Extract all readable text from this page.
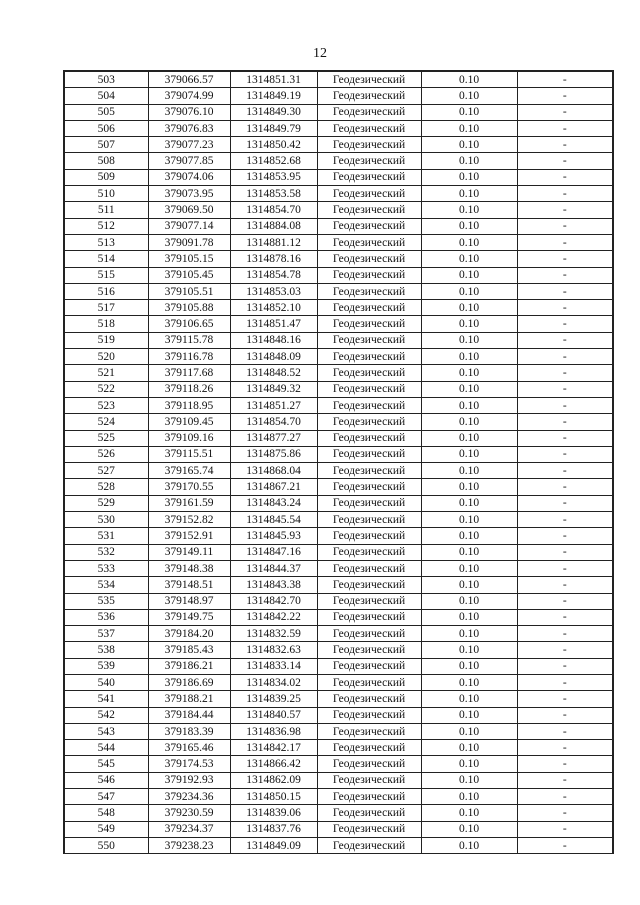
12
503	379066.57	1314851.31	Геодезический	0.10	-
504	379074.99	1314849.19	Геодезический	0.10	-
505	379076.10	1314849.30	Геодезический	0.10	-
506	379076.83	1314849.79	Геодезический	0.10	-
507	379077.23	1314850.42	Геодезический	0.10	-
508	379077.85	1314852.68	Геодезический	0.10	-
509	379074.06	1314853.95	Геодезический	0.10	-
510	379073.95	1314853.58	Геодезический	0.10	-
511	379069.50	1314854.70	Геодезический	0.10	-
512	379077.14	1314884.08	Геодезический	0.10	-
513	379091.78	1314881.12	Геодезический	0.10	-
514	379105.15	1314878.16	Геодезический	0.10	-
515	379105.45	1314854.78	Геодезический	0.10	-
516	379105.51	1314853.03	Геодезический	0.10	-
517	379105.88	1314852.10	Геодезический	0.10	-
518	379106.65	1314851.47	Геодезический	0.10	-
519	379115.78	1314848.16	Геодезический	0.10	-
520	379116.78	1314848.09	Геодезический	0.10	-
521	379117.68	1314848.52	Геодезический	0.10	-
522	379118.26	1314849.32	Геодезический	0.10	-
523	379118.95	1314851.27	Геодезический	0.10	-
524	379109.45	1314854.70	Геодезический	0.10	-
525	379109.16	1314877.27	Геодезический	0.10	-
526	379115.51	1314875.86	Геодезический	0.10	-
527	379165.74	1314868.04	Геодезический	0.10	-
528	379170.55	1314867.21	Геодезический	0.10	-
529	379161.59	1314843.24	Геодезический	0.10	-
530	379152.82	1314845.54	Геодезический	0.10	-
531	379152.91	1314845.93	Геодезический	0.10	-
532	379149.11	1314847.16	Геодезический	0.10	-
533	379148.38	1314844.37	Геодезический	0.10	-
534	379148.51	1314843.38	Геодезический	0.10	-
535	379148.97	1314842.70	Геодезический	0.10	-
536	379149.75	1314842.22	Геодезический	0.10	-
537	379184.20	1314832.59	Геодезический	0.10	-
538	379185.43	1314832.63	Геодезический	0.10	-
539	379186.21	1314833.14	Геодезический	0.10	-
540	379186.69	1314834.02	Геодезический	0.10	-
541	379188.21	1314839.25	Геодезический	0.10	-
542	379184.44	1314840.57	Геодезический	0.10	-
543	379183.39	1314836.98	Геодезический	0.10	-
544	379165.46	1314842.17	Геодезический	0.10	-
545	379174.53	1314866.42	Геодезический	0.10	-
546	379192.93	1314862.09	Геодезический	0.10	-
547	379234.36	1314850.15	Геодезический	0.10	-
548	379230.59	1314839.06	Геодезический	0.10	-
549	379234.37	1314837.76	Геодезический	0.10	-
550	379238.23	1314849.09	Геодезический	0.10	-
